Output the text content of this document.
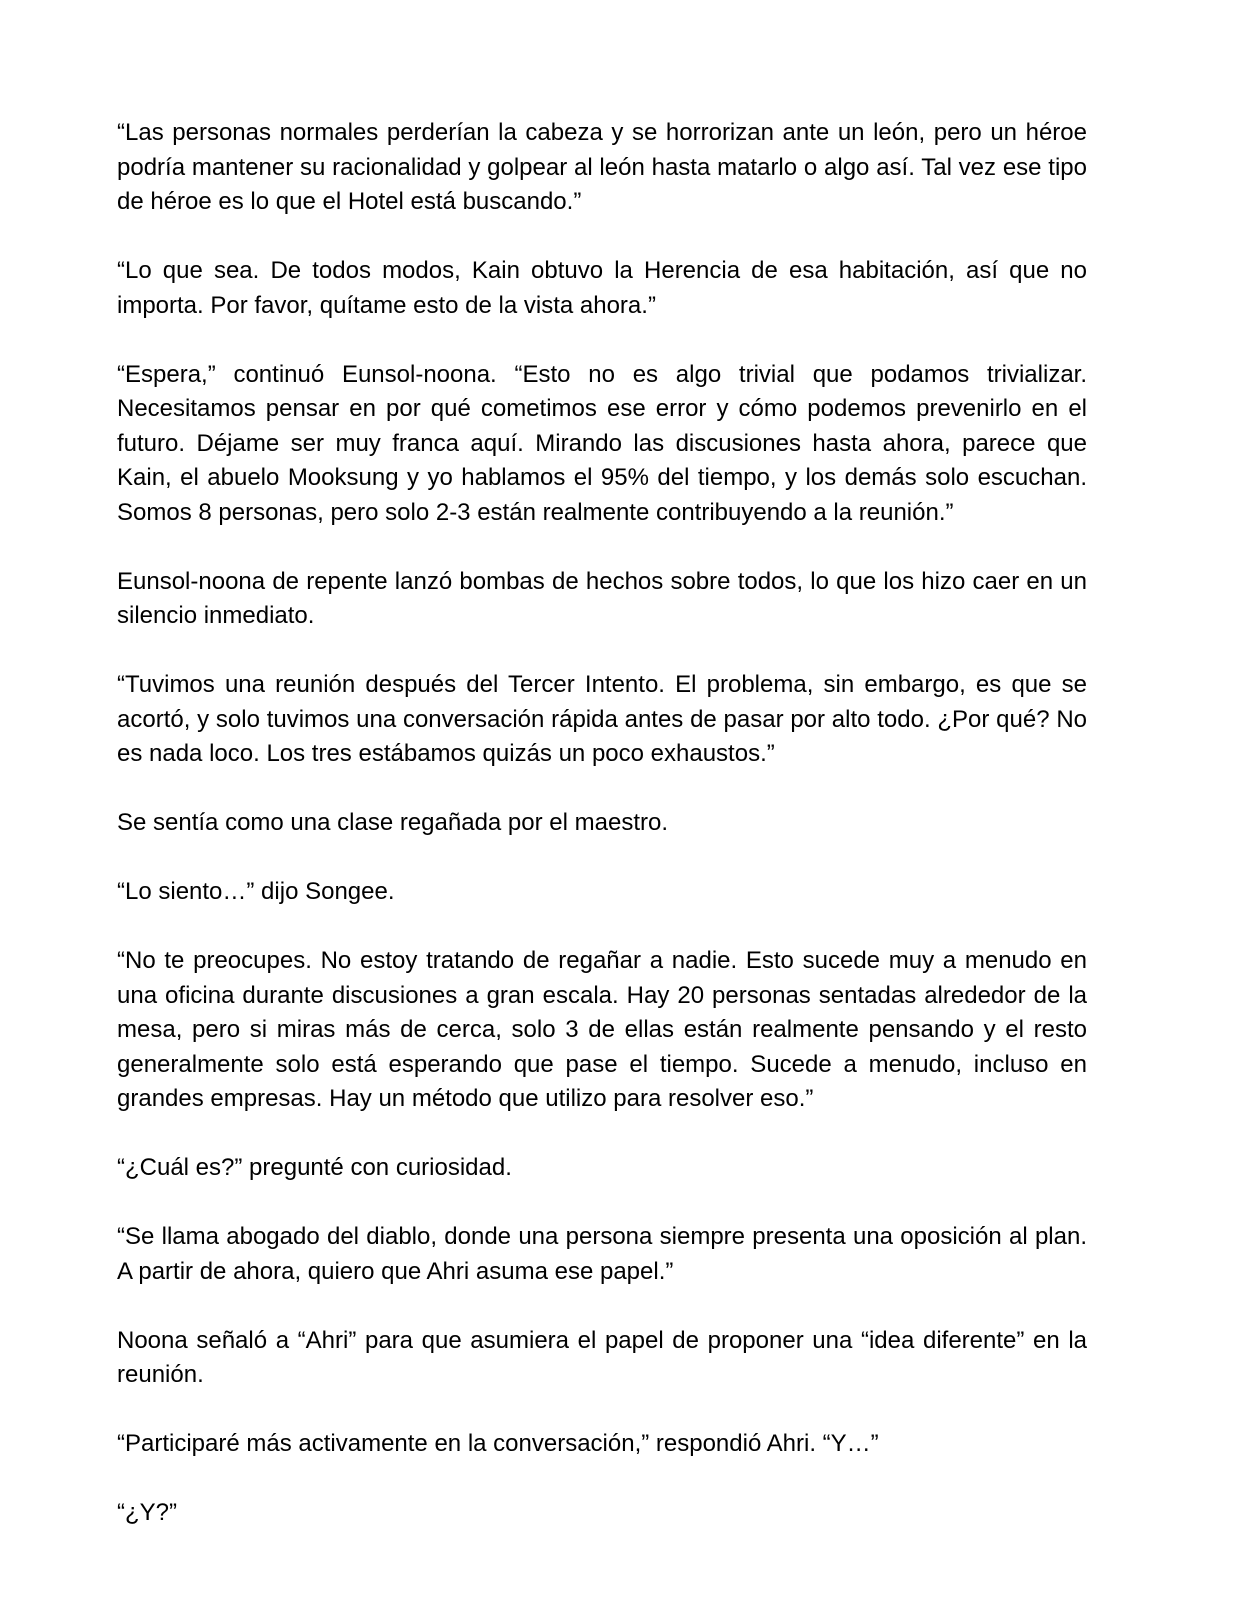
“Las personas normales perderían la cabeza y se horrorizan ante un león, pero un héroe podría mantener su racionalidad y golpear al león hasta matarlo o algo así. Tal vez ese tipo de héroe es lo que el Hotel está buscando.”

“Lo que sea. De todos modos, Kain obtuvo la Herencia de esa habitación, así que no importa. Por favor, quítame esto de la vista ahora.”

“Espera,” continuó Eunsol-noona. “Esto no es algo trivial que podamos trivializar. Necesitamos pensar en por qué cometimos ese error y cómo podemos prevenirlo en el futuro. Déjame ser muy franca aquí. Mirando las discusiones hasta ahora, parece que Kain, el abuelo Mooksung y yo hablamos el 95% del tiempo, y los demás solo escuchan. Somos 8 personas, pero solo 2-3 están realmente contribuyendo a la reunión.”

Eunsol-noona de repente lanzó bombas de hechos sobre todos, lo que los hizo caer en un silencio inmediato.

“Tuvimos una reunión después del Tercer Intento. El problema, sin embargo, es que se acortó, y solo tuvimos una conversación rápida antes de pasar por alto todo. ¿Por qué? No es nada loco. Los tres estábamos quizás un poco exhaustos.”

Se sentía como una clase regañada por el maestro.

“Lo siento…” dijo Songee.

“No te preocupes. No estoy tratando de regañar a nadie. Esto sucede muy a menudo en una oficina durante discusiones a gran escala. Hay 20 personas sentadas alrededor de la mesa, pero si miras más de cerca, solo 3 de ellas están realmente pensando y el resto generalmente solo está esperando que pase el tiempo. Sucede a menudo, incluso en grandes empresas. Hay un método que utilizo para resolver eso.”

“¿Cuál es?” pregunté con curiosidad.

“Se llama abogado del diablo, donde una persona siempre presenta una oposición al plan. A partir de ahora, quiero que Ahri asuma ese papel.”

Noona señaló a “Ahri” para que asumiera el papel de proponer una “idea diferente” en la reunión.

“Participaré más activamente en la conversación,” respondió Ahri. “Y…”

“¿Y?”
